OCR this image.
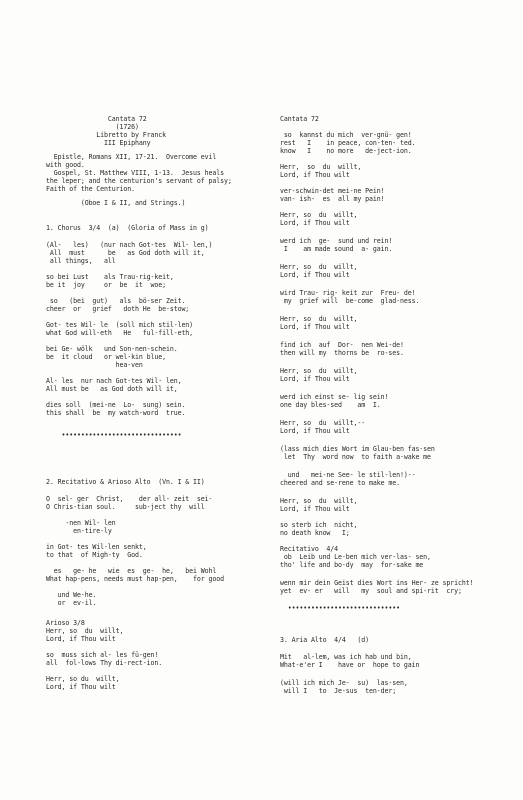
Cantata 72
(1726)
Libretto by Franck
III Epiphany
Epistle, Romans XII, 17-21.  Overcome evil
with good.
Gospel, St. Matthew VIII, 1-13.  Jesus heals
the leper; and the centurion's servant of palsy;
Faith of the Centurion.
(Oboe I & II, and Strings.)
1. Chorus  3/4  (a)  (Gloria of Mass in g)
(Al-   les)   (nur nach Got-tes  Wil- len,)
All  must      be   as God doth will it,
all things,   all
so bei Lust    als Trau-rig-keit,
be it  joy     or  be  it  woe;
so   (bei  gut)   als  bö-ser Zeit.
cheer  or   grief   doth He  be-stow;
Got- tes Wil- le  (soll mich stil-len)
what God will-eth   He   ful-fill-eth,
bei Ge- wölk   und Son-nen-schein.
be  it cloud   or wel-kin blue,
hea-ven
Al- les  nur nach Got-tes Wil- len,
All must be   as God doth will it,
dies soll  (mei-ne  Lo-  sung) sein.
this shall  be  my watch-word  true.
•••••••••••••••••••••••••••••••
2. Recitativo & Arioso Alto  (Vn. I & II)
O  sel- ger  Christ,    der all- zeit  sei-
O Chris-tian soul.     sub-ject thy  will
-nen Wil- len
en-tire-ly
in Got- tes Wil-len senkt,
to that  of Migh-ty  God.
es   ge- he   wie  es  ge-  he,   bei Wohl
What hap-pens, needs must hap-pen,    for good
und We-he.
or  ev-il.
Arioso 3/8
Herr, so  du  willt,
Lord, if Thou wilt
so  muss sich al- les fü-gen!
all  fol-lows Thy di-rect-ion.
Herr, so du  willt,
Lord, if Thou wilt
Cantata 72
so  kannst du mich  ver-gnü- gen!
rest   I    in peace, con-ten- ted.
know   I    no more   de-ject-ion.
Herr,  so  du  willt,
Lord, if Thou wilt
ver-schwin-det mei-ne Pein!
van- ish-  es  all my pain!
Herr, so  du  willt,
Lord, if Thou wilt
werd ich  ge-  sund und rein!
I    am made sound  a- gain.
Herr, so  du  willt,
Lord, if Thou wilt
wird Trau- rig- keit zur  Freu- de!
my  grief will  be-come  glad-ness.
Herr, so  du  willt,
Lord, if Thou wilt
find ich  auf  Dor-  nen Wei-de!
then will my  thorns be  ro-ses.
Herr, so  du  willt,
Lord, if Thou wilt
werd ich einst se- lig sein!
one day bles-sed    am  I.
Herr, so  du  willt,--
Lord, if Thou wilt
(lass mich dies Wort im Glau-ben fas-sen
let  Thy  word now  to faith a-wake me
und   mei-ne See- le stil-len!)--
cheered and se-rene to make me.
Herr, so  du  willt,
Lord, if Thou wilt
so sterb ich  nicht,
no death know   I;
Recitativo  4/4
ob  Leib und Le-ben mich ver-las- sen,
tho' life and bo-dy  may  for-sake me
wenn mir dein Geist dies Wort ins Her- ze spricht!
yet  ev- er   will   my  soul and spi-rit  cry;
•••••••••••••••••••••••••••••
3. Aria Alto  4/4   (d)
Mit   al-lem, was ich hab und bin,
What-e'er I    have or  hope to gain
(will ich mich Je-  su)  las-sen,
will I   to  Je-sus  ten-der;
